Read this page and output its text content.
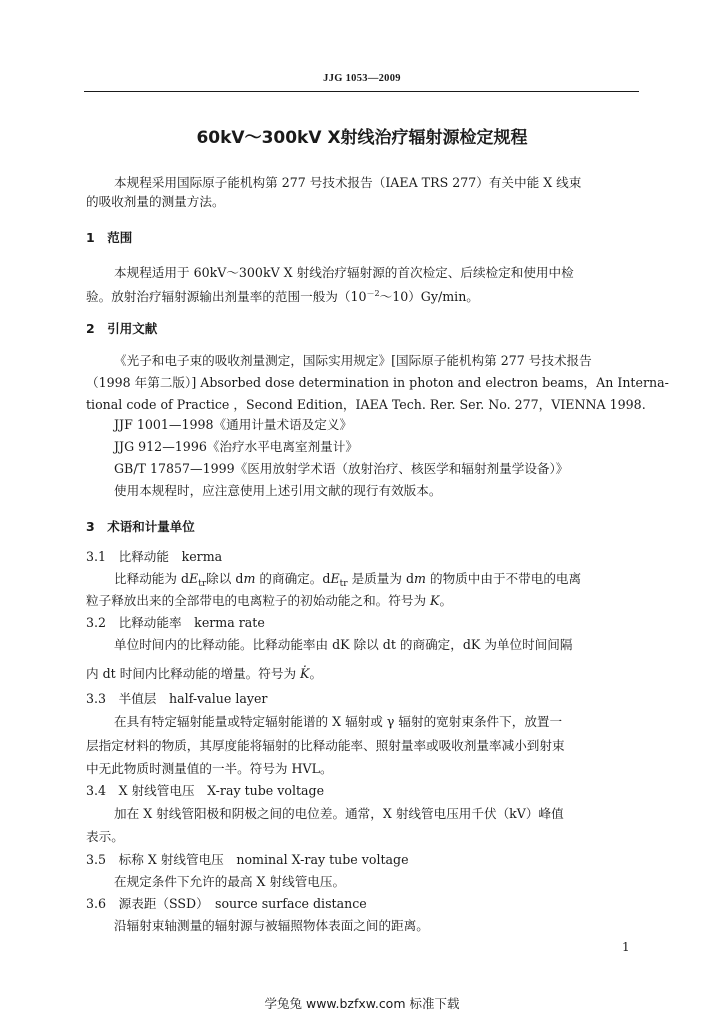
JJG 1053—2009
60kV～300kV X射线治疗辐射源检定规程
本规程采用国际原子能机构第 277 号技术报告（IAEA TRS 277）有关中能 X 线束
的吸收剂量的测量方法。
1　范围
本规程适用于 60kV～300kV X 射线治疗辐射源的首次检定、后续检定和使用中检
验。放射治疗辐射源输出剂量率的范围一般为$(10^{-2}\sim 10)Gy/\min$。
2　引用文献
《光子和电子束的吸收剂量测定，国际实用规定》[国际原子能机构第 277 号技术报告
（1998 年第二版）] Absorbed dose determination in photon and electron beams，An Interna-
tional code of Practice ，Second Edition，IAEA Tech. Rer. Ser. No. 277，VIENNA 1998.
JJF 1001—1998《通用计量术语及定义》
JJG 912—1996《治疗水平电离室剂量计》
GB/T 17857—1999《医用放射学术语（放射治疗、核医学和辐射剂量学设备）》
使用本规程时，应注意使用上述引用文献的现行有效版本。
3　术语和计量单位
3.1　比释动能　kerma
比释动能为 $dE_{tr}$除以 dm 的商确定。$dE_{tr}$ 是质量为 dm 的物质中由于不带电的电离
粒子释放出来的全部带电的电离粒子的初始动能之和。符号为 K。
3.2　比释动能率　kerma rate
单位时间内的比释动能。比释动能率由 dK 除以 dt 的商确定，dK 为单位时间间隔
内 dt 时间内比释动能的增量。符号为 . K。
3.3　半值层　half-value layer
在具有特定辐射能量或特定辐射能谱的 X 辐射或 γ 辐射的宽射束条件下，放置一
层指定材料的物质，其厚度能将辐射的比释动能率、照射量率或吸收剂量率减小到射束
中无此物质时测量值的一半。符号为 HVL。
3.4　X 射线管电压　X-ray tube voltage
加在 X 射线管阳极和阴极之间的电位差。通常，X 射线管电压用千伏（kV）峰值
表示。
3.5　标称 X 射线管电压　nominal X-ray tube voltage
在规定条件下允许的最高 X 射线管电压。
3.6　源表距（SSD）　source surface distance
沿辐射束轴测量的辐射源与被辐照物体表面之间的距离。
1
学兔兔 www.bzfxw.com 标准下载
